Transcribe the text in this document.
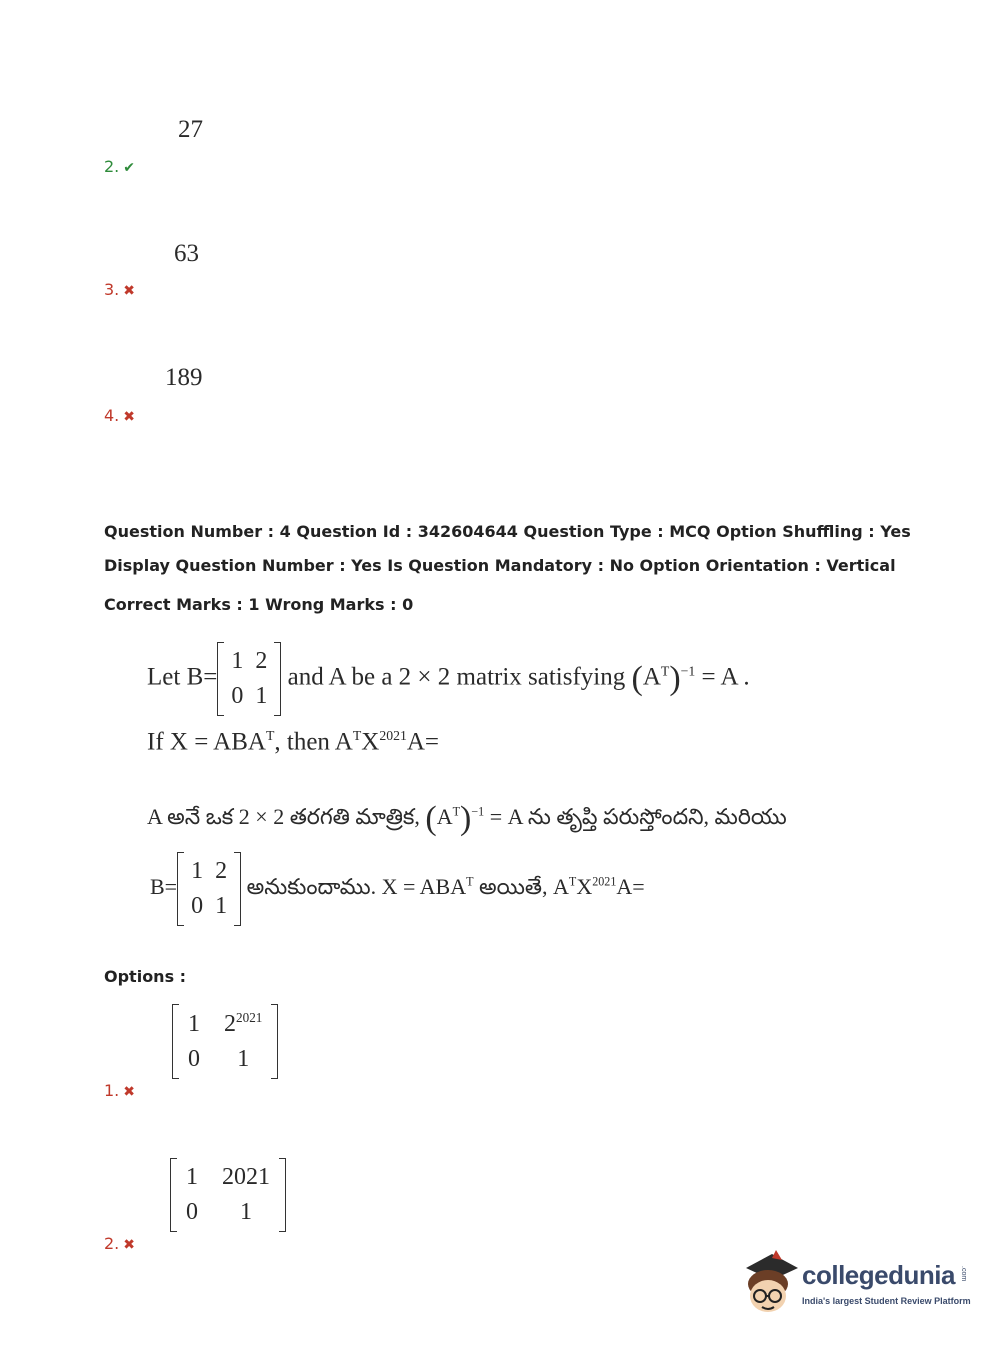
27
2. ✔
63
3. ✖
189
4. ✖
Question Number : 4 Question Id : 342604644 Question Type : MCQ Option Shuffling : Yes
Display Question Number : Yes Is Question Mandatory : No Option Orientation : Vertical
Correct Marks : 1 Wrong Marks : 0
Let B=
1	2
0	1
and A be a 2 × 2 matrix satisfying $(A^T)^{-1} = A$ .
If $X = ABA^T$, then $A^TX^{2021}A=$
A అనే ఒక 2 × 2 తరగతి మాత్రిక, $(A^T)^{-1} = A$ ను తృప్తి పరుస్తోందని, మరియు
B=
1	2
0	1
అనుకుందాము. $X = ABA^T$ అయితే, $A^TX^{2021}A=$
Options :
1	$2^{2021}$
0	1
1. ✖
1	2021
0	1
2. ✖
collegedunia .com
India's largest Student Review Platform
